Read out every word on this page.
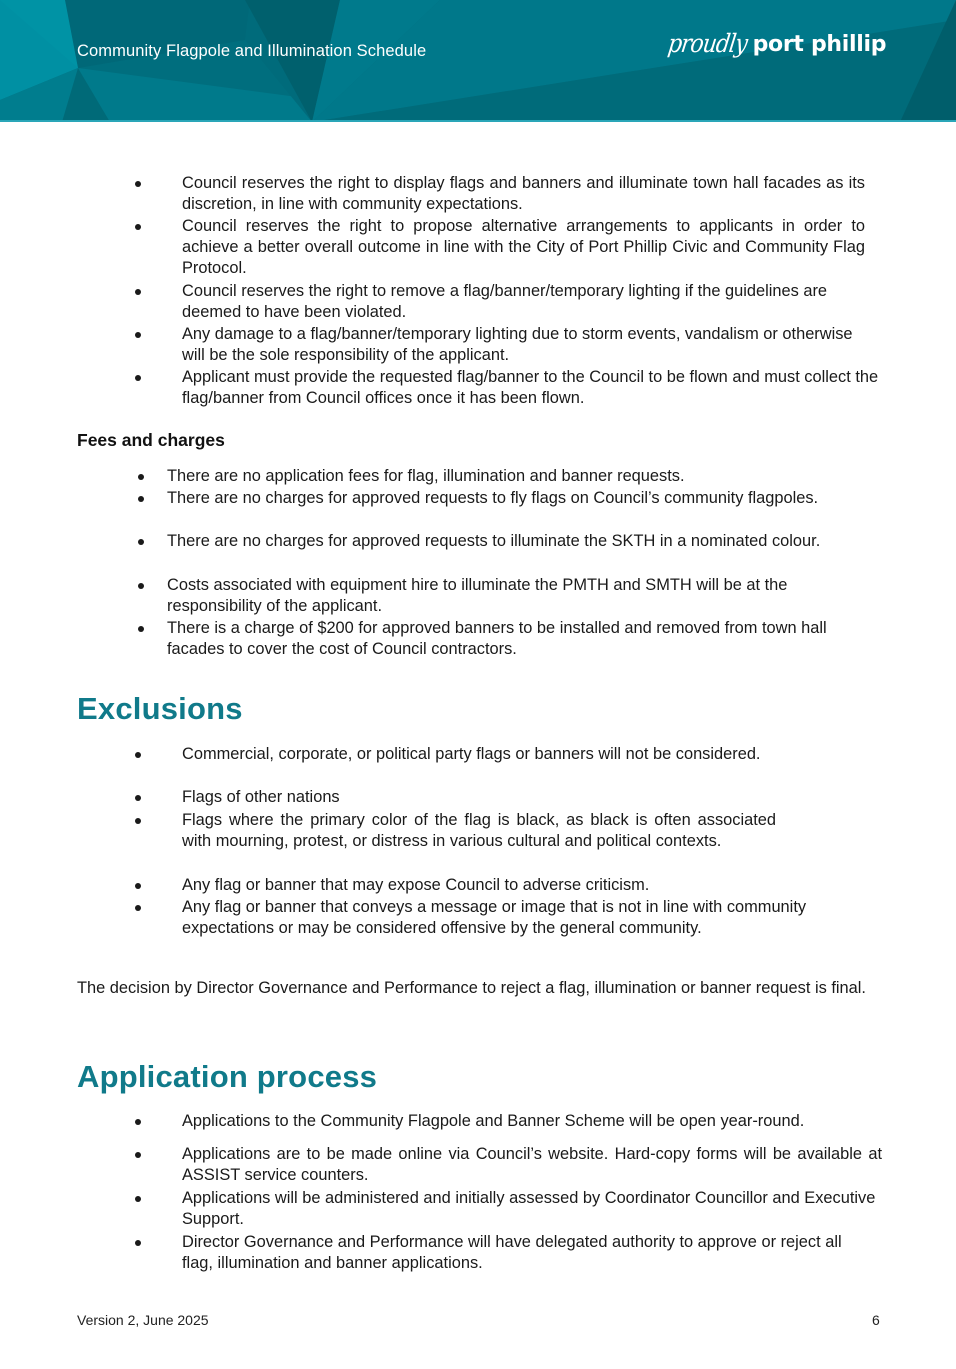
Community Flagpole and Illumination Schedule	proudly port phillip
Council reserves the right to display flags and banners and illuminate town hall facades as its discretion, in line with community expectations.
Council reserves the right to propose alternative arrangements to applicants in order to achieve a better overall outcome in line with the City of Port Phillip Civic and Community Flag Protocol.
Council reserves the right to remove a flag/banner/temporary lighting if the guidelines are deemed to have been violated.
Any damage to a flag/banner/temporary lighting due to storm events, vandalism or otherwise will be the sole responsibility of the applicant.
Applicant must provide the requested flag/banner to the Council to be flown and must collect the flag/banner from Council offices once it has been flown.
Fees and charges
There are no application fees for flag, illumination and banner requests.
There are no charges for approved requests to fly flags on Council’s community flagpoles.
There are no charges for approved requests to illuminate the SKTH in a nominated colour.
Costs associated with equipment hire to illuminate the PMTH and SMTH will be at the responsibility of the applicant.
There is a charge of $200 for approved banners to be installed and removed from town hall facades to cover the cost of Council contractors.
Exclusions
Commercial, corporate, or political party flags or banners will not be considered.
Flags of other nations
Flags where the primary color of the flag is black, as black is often associated with mourning, protest, or distress in various cultural and political contexts.
Any flag or banner that may expose Council to adverse criticism.
Any flag or banner that conveys a message or image that is not in line with community expectations or may be considered offensive by the general community.
The decision by Director Governance and Performance to reject a flag, illumination or banner request is final.
Application process
Applications to the Community Flagpole and Banner Scheme will be open year-round.
Applications are to be made online via Council’s website. Hard-copy forms will be available at ASSIST service counters.
Applications will be administered and initially assessed by Coordinator Councillor and Executive Support.
Director Governance and Performance will have delegated authority to approve or reject all flag, illumination and banner applications.
Version 2, June 2025	6
